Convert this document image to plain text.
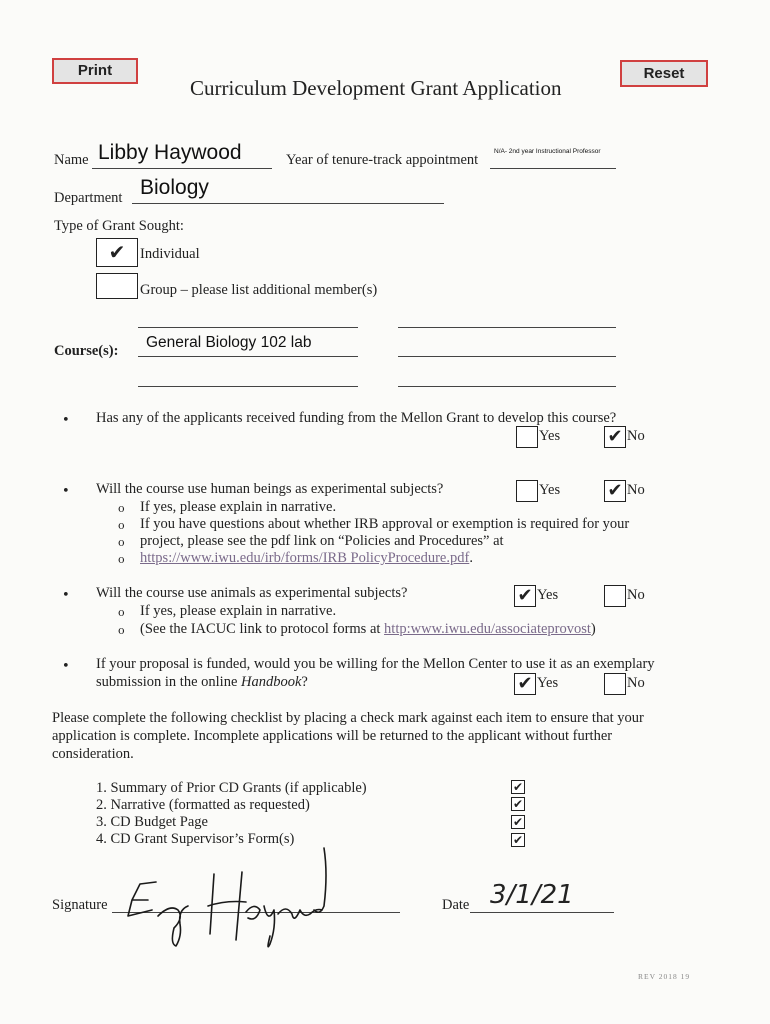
Print	Reset
Curriculum Development Grant Application
Name Libby Haywood	Year of tenure-track appointment
N/A- 2nd year Instructional Professor
Department Biology
Type of Grant Sought:
✔	Individual
Group – please list additional member(s)
Course(s): General Biology 102 lab
• Has any of the applicants received funding from the Mellon Grant to develop this course?
Yes	✔ No
• Will the course use human beings as experimental subjects?	Yes	✔ No
o If yes, please explain in narrative.
o If you have questions about whether IRB approval or exemption is required for your
o project, please see the pdf link on “Policies and Procedures” at
o https://www.iwu.edu/irb/forms/IRB PolicyProcedure.pdf.
• Will the course use animals as experimental subjects?	✔ Yes	No
o If yes, please explain in narrative.
o (See the IACUC link to protocol forms at http:www.iwu.edu/associateprovost)
• If your proposal is funded, would you be willing for the Mellon Center to use it as an exemplary
submission in the online Handbook?	✔ Yes	No
Please complete the following checklist by placing a check mark against each item to ensure that your
application is complete. Incomplete applications will be returned to the applicant without further
consideration.
1. Summary of Prior CD Grants (if applicable)	✔
2. Narrative (formatted as requested)	✔
3. CD Budget Page	✔
4. CD Grant Supervisor’s Form(s)	✔
Signature	Date 3/1/21
REV 2018 19
